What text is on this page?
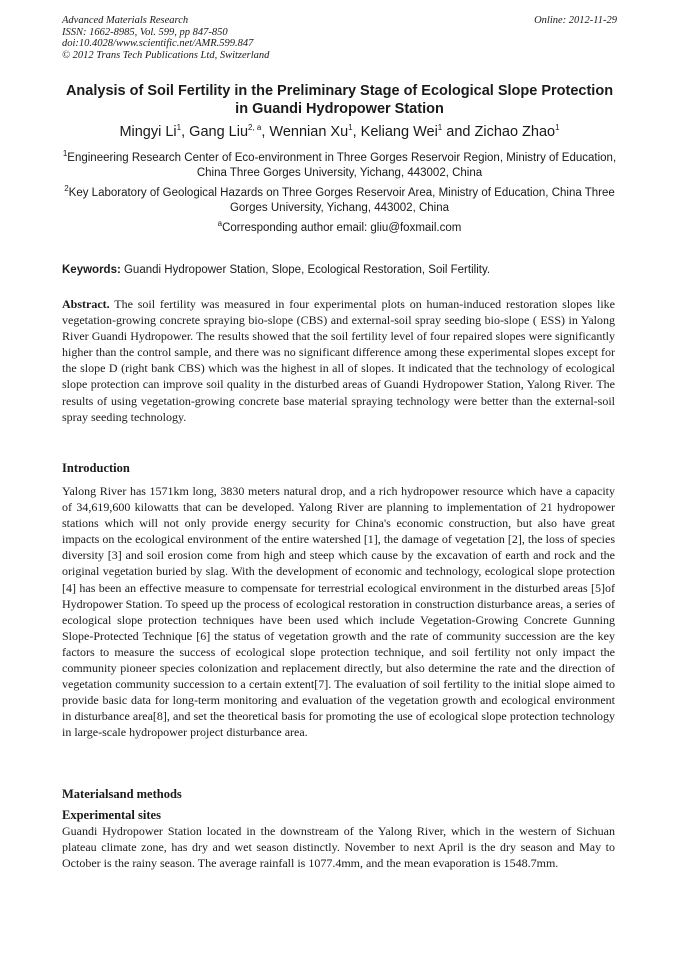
Advanced Materials Research
ISSN: 1662-8985, Vol. 599, pp 847-850
doi:10.4028/www.scientific.net/AMR.599.847
© 2012 Trans Tech Publications Ltd, Switzerland
Online: 2012-11-29
Analysis of Soil Fertility in the Preliminary Stage of Ecological Slope Protection in Guandi Hydropower Station
Mingyi Li$^1$, Gang Liu$^{2, a}$, Wennian Xu$^1$, Keliang Wei$^1$ and Zichao Zhao$^1$
$^1$Engineering Research Center of Eco-environment in Three Gorges Reservoir Region, Ministry of Education, China Three Gorges University, Yichang, 443002, China
$^2$Key Laboratory of Geological Hazards on Three Gorges Reservoir Area, Ministry of Education, China Three Gorges University, Yichang, 443002, China
$^a$Corresponding author email: gliu@foxmail.com
Keywords: Guandi Hydropower Station, Slope, Ecological Restoration, Soil Fertility.
Abstract. The soil fertility was measured in four experimental plots on human-induced restoration slopes like vegetation-growing concrete spraying bio-slope (CBS) and external-soil spray seeding bio-slope ( ESS) in Yalong River Guandi Hydropower. The results showed that the soil fertility level of four repaired slopes were significantly higher than the control sample, and there was no significant difference among these experimental slopes except for the slope D (right bank CBS) which was the highest in all of slopes. It indicated that the technology of ecological slope protection can improve soil quality in the disturbed areas of Guandi Hydropower Station, Yalong River. The results of using vegetation-growing concrete base material spraying technology were better than the external-soil spray seeding technology.
Introduction
Yalong River has 1571km long, 3830 meters natural drop, and a rich hydropower resource which have a capacity of 34,619,600 kilowatts that can be developed. Yalong River are planning to implementation of 21 hydropower stations which will not only provide energy security for China's economic construction, but also have great impacts on the ecological environment of the entire watershed [1], the damage of vegetation [2], the loss of species diversity [3] and soil erosion come from high and steep which cause by the excavation of earth and rock and the original vegetation buried by slag. With the development of economic and technology, ecological slope protection [4] has been an effective measure to compensate for terrestrial ecological environment in the disturbed areas [5]of Hydropower Station. To speed up the process of ecological restoration in construction disturbance areas, a series of ecological slope protection techniques have been used which include Vegetation-Growing Concrete Gunning Slope-Protected Technique [6] the status of vegetation growth and the rate of community succession are the key factors to measure the success of ecological slope protection technique, and soil fertility not only impact the community pioneer species colonization and replacement directly, but also determine the rate and the direction of vegetation community succession to a certain extent[7]. The evaluation of soil fertility to the initial slope aimed to provide basic data for long-term monitoring and evaluation of the vegetation growth and ecological environment in disturbance area[8], and set the theoretical basis for promoting the use of ecological slope protection technology in large-scale hydropower project disturbance area.
Materialsand methods
Experimental sites
Guandi Hydropower Station located in the downstream of the Yalong River, which in the western of Sichuan plateau climate zone, has dry and wet season distinctly. November to next April is the dry season and May to October is the rainy season. The average rainfall is 1077.4mm, and the mean evaporation is 1548.7mm.
